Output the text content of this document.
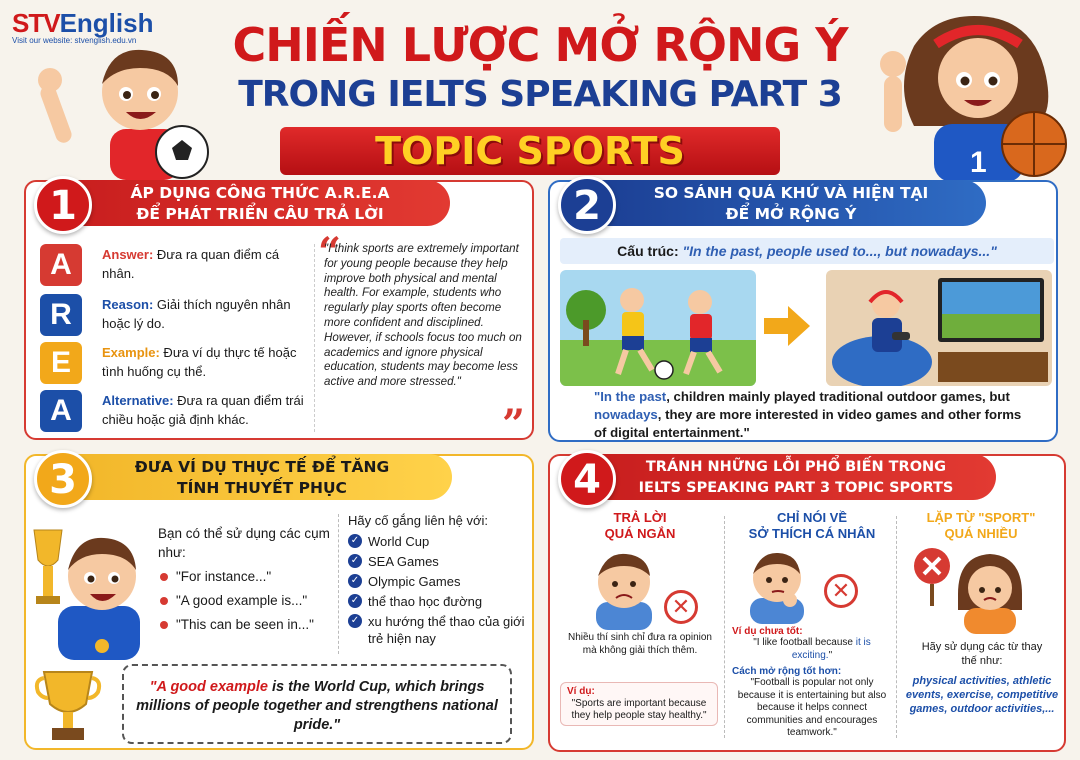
STVEnglish
Visit our website: stvenglish.edu.vn	CHIẾN LƯỢC MỞ RỘNG Ý
TRONG IELTS SPEAKING PART 3
TOPIC SPORTS	1
ÁP DỤNG CÔNG THỨC A.R.E.A
ĐỂ PHÁT TRIỂN CÂU TRẢ LỜI
1
A	Answer: Đưa ra quan điểm cá nhân.
R	Reason: Giải thích nguyên nhân hoặc lý do.
E	Example: Đưa ví dụ thực tế hoặc tình huống cụ thể.
A	Alternative: Đưa ra quan điểm trái chiều hoặc giả định khác.
“
"I think sports are extremely important for young people because they help improve both physical and mental health. For example, students who regularly play sports often become more confident and disciplined. However, if schools focus too much on academics and ignore physical education, students may become less active and more stressed."
”
SO SÁNH QUÁ KHỨ VÀ HIỆN TẠI
ĐỂ MỞ RỘNG Ý
2
Cấu trúc: "In the past, people used to..., but nowadays..."
"In the past, children mainly played traditional outdoor games, but nowadays, they are more interested in video games and other forms of digital entertainment."
ĐƯA VÍ DỤ THỰC TẾ ĐỂ TĂNG
TÍNH THUYẾT PHỤC
3
Bạn có thể sử dụng các cụm như:
"For instance..."
"A good example is..."
"This can be seen in..."
Hãy cố gắng liên hệ với:
✓ World Cup
✓ SEA Games
✓ Olympic Games
✓ thể thao học đường
✓ xu hướng thể thao của giới trẻ hiện nay
"A good example is the World Cup, which brings millions of people together and strengthens national pride."
TRÁNH NHỮNG LỖI PHỔ BIẾN TRONG
IELTS SPEAKING PART 3 TOPIC SPORTS
4
TRẢ LỜI
QUÁ NGẮN
✕
Nhiều thí sinh chỉ đưa ra opinion mà không giải thích thêm.
Ví dụ:
"Sports are important because they help people stay healthy."
CHỈ NÓI VỀ
SỞ THÍCH CÁ NHÂN
✕
Ví dụ chưa tốt:
"I like football because it is exciting."
Cách mở rộng tốt hơn:
"Football is popular not only because it is entertaining but also because it helps connect communities and encourages teamwork."
LẶP TỪ "SPORT"
QUÁ NHIỀU
Hãy sử dụng các từ thay thế như:
physical activities, athletic events, exercise, competitive games, outdoor activities,...
